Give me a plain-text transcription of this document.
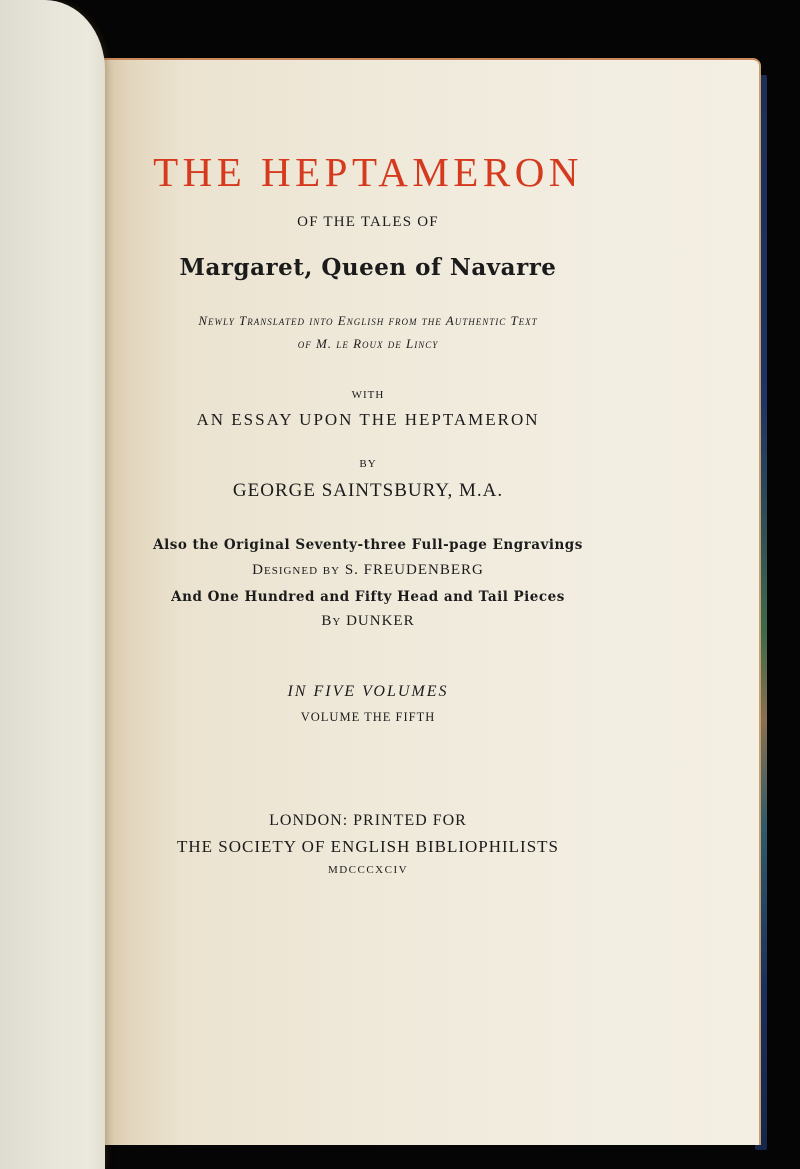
THE HEPTAMERON
OF THE TALES OF
Margaret, Queen of Navarre
Newly Translated into English from the Authentic Text
of M. le Roux de Lincy
WITH
AN ESSAY UPON THE HEPTAMERON
BY
GEORGE SAINTSBURY, M.A.
Also the Original Seventy-three Full-page Engravings
Designed by S. FREUDENBERG
And One Hundred and Fifty Head and Tail Pieces
By DUNKER
IN FIVE VOLUMES
VOLUME THE FIFTH
LONDON: PRINTED FOR
THE SOCIETY OF ENGLISH BIBLIOPHILISTS
MDCCCXCIV
